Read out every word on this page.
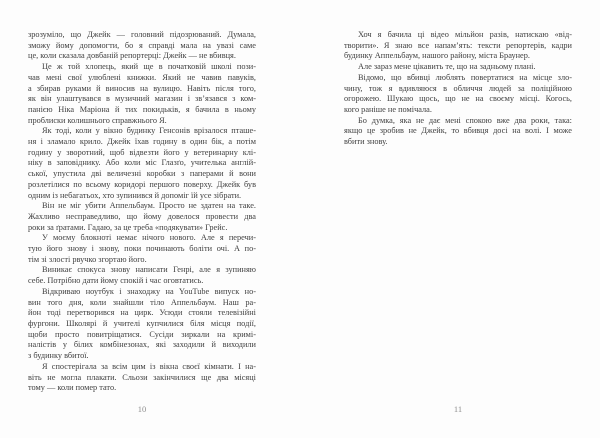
зрозуміло, що Джейк — головний підозрюваний. Думала,
зможу йому допомогти, бо я справді мала на увазі саме
це, коли сказала довбаній репортерці: Джейк — не вбивця.
Це ж той хлопець, який ще в початковій школі пози-
чав мені свої улюблені книжки. Який не чавив павуків,
а збирав руками й виносив на вулицю. Навіть після того,
як він улаштувався в музичний магазин і зв’язався з ком-
панією Ніка Маріона й тих покидьків, я бачила в ньому
проблиски колишнього справжнього Я.
Як тоді, коли у вікно будинку Генсонів врізалося пташе-
ня і зламало крило. Джейк їхав годину в один бік, а потім
годину у зворотний, щоб відвезти його у ветеринарну клі-
ніку в заповіднику. Або коли міс Глазґо, учителька англій-
ської, упустила дві величезні коробки з паперами й вони
розлетілися по всьому коридорі першого поверху. Джейк був
одним із небагатьох, хто зупинився й допоміг їй усе зібрати.
Він не міг убити Аппельбаум. Просто не здатен на таке.
Жахливо несправедливо, що йому довелося провести два
роки за ґратами. Гадаю, за це треба «подякувати» Грейс.
У моєму блокноті немає нічого нового. Але я перечи-
тую його знову і знову, поки починають боліти очі. А по-
тім зі злості рвучко згортаю його.
Виникає спокуса знову написати Генрі, але я зупиняю
себе. Потрібно дати йому спокій і час оговтатись.
Відкриваю ноутбук і знаходжу на YouTube випуск но-
вин того дня, коли знайшли тіло Аппельбаум. Наш ра-
йон тоді перетворився на цирк. Усюди стояли телевізійні
фургони. Школярі й учителі купчилися біля місця події,
щоби просто повитріщатися. Сусіди зиркали на кримі-
налістів у білих комбінезонах, які заходили й виходили
з будинку вбитої.
Я спостерігала за всім цим із вікна своєї кімнати. І на-
віть не могла плакати. Сльози закінчилися ще два місяці
тому — коли помер тато.
Хоч я бачила ці відео мільйон разів, натискаю «від-
творити». Я знаю все напам’ять: тексти репортерів, кадри
будинку Аппельбаум, нашого району, міста Браунер.
Але зараз мене цікавить те, що на задньому плані.
Відомо, що вбивці люблять повертатися на місце зло-
чину, тож я вдивляюся в обличчя людей за поліційною
огорожею. Шукаю щось, що не на своєму місці. Когось,
кого раніше не помічала.
Бо думка, яка не дає мені спокою вже два роки, така:
якщо це зробив не Джейк, то вбивця досі на волі. І може
вбити знову.
10	11
